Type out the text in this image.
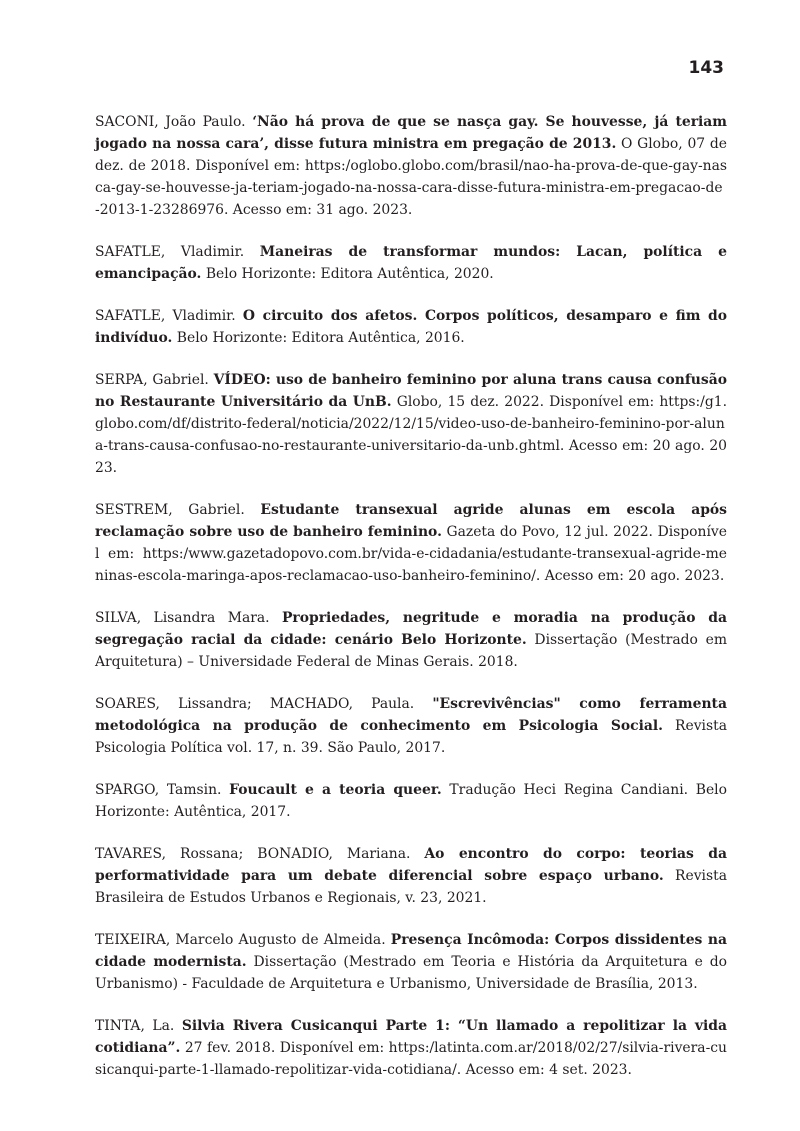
143

SACONI, João Paulo. ‘Não há prova de que se nasça gay. Se houvesse, já teriam jogado na nossa cara’, disse futura ministra em pregação de 2013. O Globo, 07 de dez. de 2018. Disponível em: https:/oglobo.globo.com/brasil/nao-ha-prova-de-que-gay-nasca-gay-se-houvesse-ja-teriam-jogado-na-nossa-cara-disse-futura-ministra-em-pregacao-de-2013-1-23286976. Acesso em: 31 ago. 2023.

SAFATLE, Vladimir. Maneiras de transformar mundos: Lacan, política e emancipação. Belo Horizonte: Editora Autêntica, 2020.

SAFATLE, Vladimir. O circuito dos afetos. Corpos políticos, desamparo e fim do indivíduo. Belo Horizonte: Editora Autêntica, 2016.

SERPA, Gabriel. VÍDEO: uso de banheiro feminino por aluna trans causa confusão no Restaurante Universitário da UnB. Globo, 15 dez. 2022. Disponível em: https:/g1.globo.com/df/distrito-federal/noticia/2022/12/15/video-uso-de-banheiro-feminino-por-aluna-trans-causa-confusao-no-restaurante-universitario-da-unb.ghtml. Acesso em: 20 ago. 2023.

SESTREM, Gabriel. Estudante transexual agride alunas em escola após reclamação sobre uso de banheiro feminino. Gazeta do Povo, 12 jul. 2022. Disponível em: https:/www.gazetadopovo.com.br/vida-e-cidadania/estudante-transexual-agride-meninas-escola-maringa-apos-reclamacao-uso-banheiro-feminino/. Acesso em: 20 ago. 2023.

SILVA, Lisandra Mara. Propriedades, negritude e moradia na produção da segregação racial da cidade: cenário Belo Horizonte. Dissertação (Mestrado em Arquitetura) – Universidade Federal de Minas Gerais. 2018.

SOARES, Lissandra; MACHADO, Paula. "Escrevivências" como ferramenta metodológica na produção de conhecimento em Psicologia Social. Revista Psicologia Política vol. 17, n. 39. São Paulo, 2017.

SPARGO, Tamsin. Foucault e a teoria queer. Tradução Heci Regina Candiani. Belo Horizonte: Autêntica, 2017.

TAVARES, Rossana; BONADIO, Mariana. Ao encontro do corpo: teorias da performatividade para um debate diferencial sobre espaço urbano. Revista Brasileira de Estudos Urbanos e Regionais, v. 23, 2021.

TEIXEIRA, Marcelo Augusto de Almeida. Presença Incômoda: Corpos dissidentes na cidade modernista. Dissertação (Mestrado em Teoria e História da Arquitetura e do Urbanismo) - Faculdade de Arquitetura e Urbanismo, Universidade de Brasília, 2013.

TINTA, La. Silvia Rivera Cusicanqui Parte 1: “Un llamado a repolitizar la vida cotidiana”. 27 fev. 2018. Disponível em: https:/latinta.com.ar/2018/02/27/silvia-rivera-cusicanqui-parte-1-llamado-repolitizar-vida-cotidiana/. Acesso em: 4 set. 2023.
